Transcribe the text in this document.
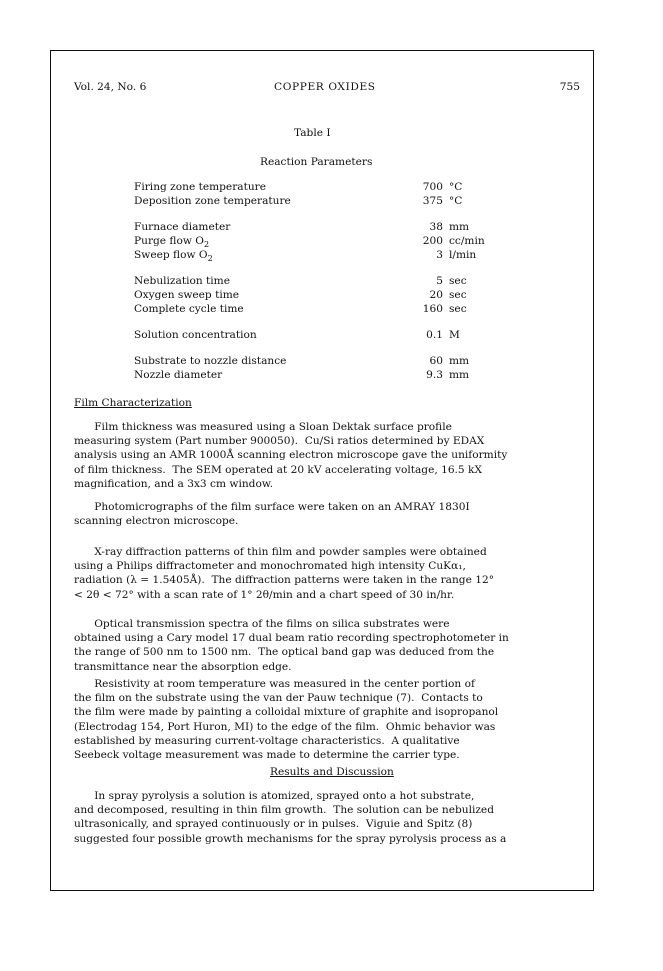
Vol. 24, No. 6	COPPER OXIDES	755
Table I
Reaction Parameters
Firing zone temperature	700 °C
Deposition zone temperature	375 °C
Furnace diameter	38 mm
Purge flow $O_2$	200 cc/min
Sweep flow $O_2$	3 l/min
Nebulization time	5 sec
Oxygen sweep time	20 sec
Complete cycle time	160 sec
Solution concentration	0.1 M
Substrate to nozzle distance	60 mm
Nozzle diameter	9.3 mm
Film Characterization
Film thickness was measured using a Sloan Dektak surface profile
measuring system (Part number 900050).  Cu/Si ratios determined by EDAX
analysis using an AMR 1000Å scanning electron microscope gave the uniformity
of film thickness.  The SEM operated at 20 kV accelerating voltage, 16.5 kX
magnification, and a 3x3 cm window.
Photomicrographs of the film surface were taken on an AMRAY 1830I
scanning electron microscope.
X-ray diffraction patterns of thin film and powder samples were obtained
using a Philips diffractometer and monochromated high intensity CuKα₁,
radiation (λ = 1.5405Å).  The diffraction patterns were taken in the range 12°
< 2θ < 72° with a scan rate of 1° 2θ/min and a chart speed of 30 in/hr.
Optical transmission spectra of the films on silica substrates were
obtained using a Cary model 17 dual beam ratio recording spectrophotometer in
the range of 500 nm to 1500 nm.  The optical band gap was deduced from the
transmittance near the absorption edge.
Resistivity at room temperature was measured in the center portion of
the film on the substrate using the van der Pauw technique (7).  Contacts to
the film were made by painting a colloidal mixture of graphite and isopropanol
(Electrodag 154, Port Huron, MI) to the edge of the film.  Ohmic behavior was
established by measuring current-voltage characteristics.  A qualitative
Seebeck voltage measurement was made to determine the carrier type.
Results and Discussion
In spray pyrolysis a solution is atomized, sprayed onto a hot substrate,
and decomposed, resulting in thin film growth.  The solution can be nebulized
ultrasonically, and sprayed continuously or in pulses.  Viguie and Spitz (8)
suggested four possible growth mechanisms for the spray pyrolysis process as a
